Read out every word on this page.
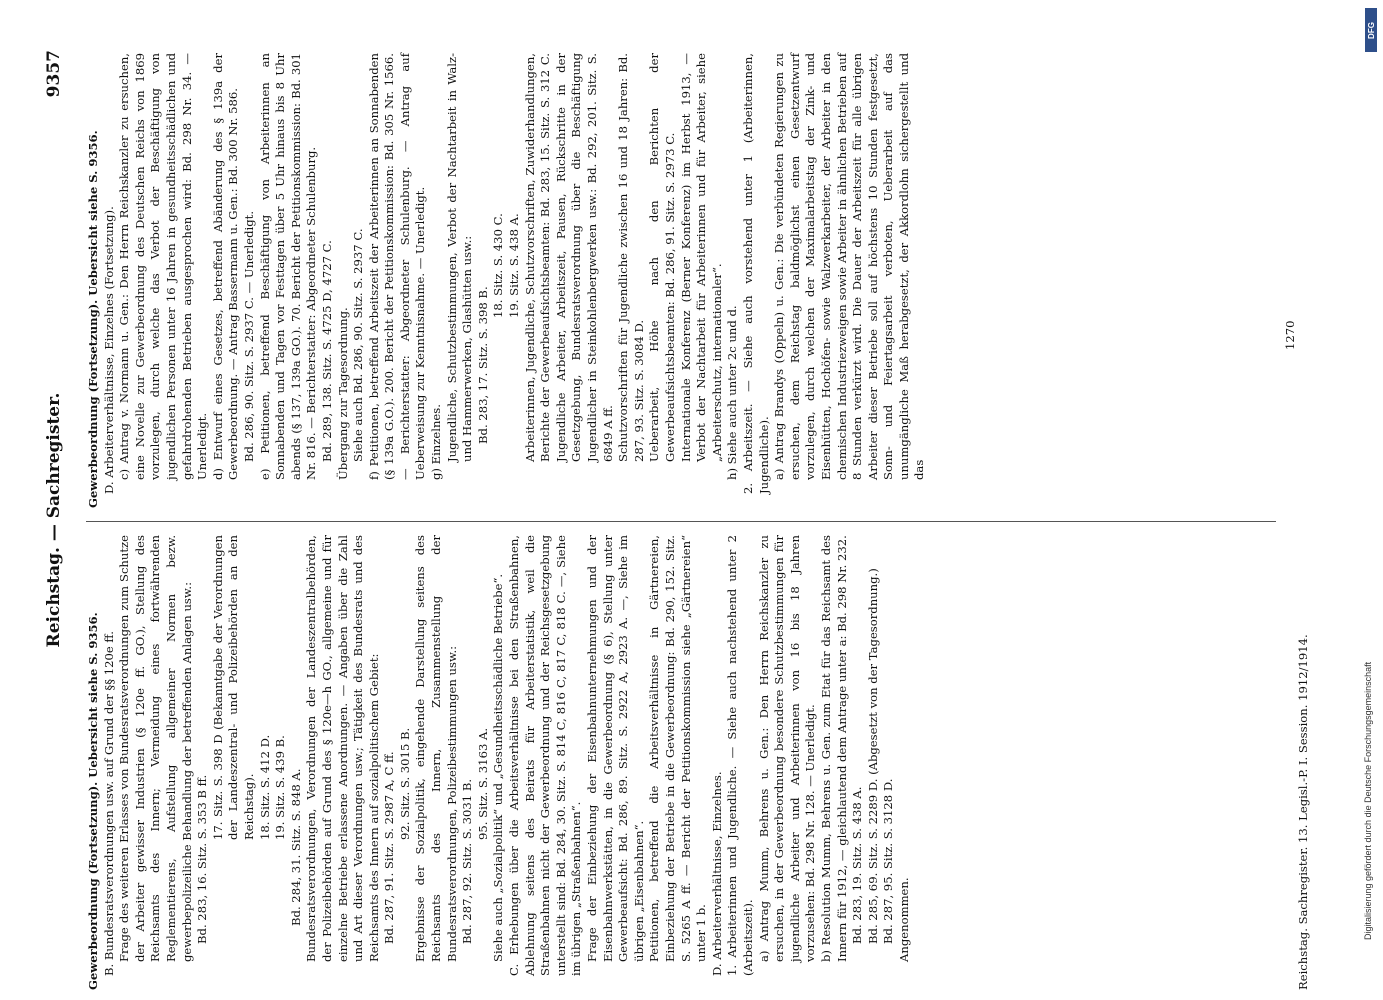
Reichstag. — Sachregister.
9357

Gewerbeordnung (Fortsetzung). Uebersicht siehe S. 9356. B. Bundesratsverordnungen usw. auf Grund der §§ 120e ff. Frage des weiteren Erlasses von Bundesratsverordnungen zum Schutze der Arbeiter gewisser Industrien (§ 120e ff. GO.), Stellung des Reichsamts des Innern; Vermeidung eines fortwährenden Reglementierens, Aufstellung allgemeiner Normen bezw. gewerbepolizeiliche Behandlung der betreffenden Anlagen usw.: Bd. 283, 16. Sitz. S. 353 B ff.

17. Sitz. S. 398 D (Bekanntgabe der Verordnungen der Landeszentral- und Polizeibehörden an den Reichstag). 18. Sitz. S. 412 D. 19. Sitz. S. 439 B. Bd. 284, 31. Sitz. S. 848 A. Bundesratsverordnungen, Verordnungen der Landeszentralbehörden, der Polizeibehörden auf Grund des § 120e—h GO., allgemeine und für einzelne Betriebe erlassene Anordnungen. — Angaben über die Zahl und Art dieser Verordnungen usw.; Tätigkeit des Bundesrats und des Reichsamts des Innern auf sozialpolitischem Gebiet: Bd. 287, 91. Sitz. S. 2987 A, C ff. 92. Sitz. S. 3015 B. Ergebnisse der Sozialpolitik, eingehende Darstellung seitens des Reichsamts des Innern, Zusammenstellung der Bundesratsverordnungen, Polizeibestimmungen usw.: Bd. 287, 92. Sitz. S. 3031 B. 95. Sitz. S. 3163 A. Siehe auch „Sozialpolitik“ und „Gesundheitsschädliche Betriebe“. C. Erhebungen über die Arbeitsverhältnisse bei den Straßenbahnen, Ablehnung seitens des Beirats für Arbeiterstatistik, weil die Straßenbahnen nicht der Gewerbeordnung und der Reichsgesetzgebung unterstellt sind: Bd. 284, 30. Sitz. S. 814 C, 816 C, 817 C, 818 C. —, Siehe im übrigen „Straßenbahnen“. Frage der Einbeziehung der Eisenbahnunternehmungen und der Eisenbahnwerkstätten, in die Gewerbeordnung (§ 6), Stellung unter Gewerbeaufsicht: Bd. 286, 89. Sitz. S. 2922 A, 2923 A. —, Siehe im übrigen „Eisenbahnen“. Petitionen, betreffend die Arbeitsverhältnisse in Gärtnereien, Einbeziehung der Betriebe in die Gewerbeordnung: Bd. 290, 152. Sitz. S. 5265 A ff. — Bericht der Petitionskommission siehe „Gärtnereien“ unter 1 b. D. Arbeiterverhältnisse, Einzelnes. 1. Arbeiterinnen und Jugendliche. — Siehe auch nachstehend unter 2 (Arbeitszeit). a) Antrag Mumm, Behrens u. Gen.: Den Herrn Reichskanzler zu ersuchen, in der Gewerbeordnung besondere Schutzbestimmungen für jugendliche Arbeiter und Arbeiterinnen von 16 bis 18 Jahren vorzusehen: Bd. 298 Nr. 128. — Unerledigt. b) Resolution Mumm, Behrens u. Gen. zum Etat für das Reichsamt des Innern für 1912, — gleichlautend dem Antrage unter a: Bd. 298 Nr. 232. Bd. 283, 19. Sitz. S. 438 A. Bd. 285, 69. Sitz. S. 2289 D. (Abgesetzt von der Tagesordnung.) Bd. 287, 95. Sitz. S. 3128 D. Angenommen.

Gewerbeordnung (Fortsetzung). Uebersicht siehe S. 9356. D. Arbeiterverhältnisse, Einzelnes (Fortsetzung). c) Antrag v. Normann u. Gen.: Den Herrn Reichskanzler zu ersuchen, eine Novelle zur Gewerbeordnung des Deutschen Reichs von 1869 vorzulegen, durch welche das Verbot der Beschäftigung von jugendlichen Personen unter 16 Jahren in gesundheitsschädlichen und gefahrdrohenden Betrieben ausgesprochen wird: Bd. 298 Nr. 34. — Unerledigt. d) Entwurf eines Gesetzes, betreffend Abänderung des § 139a der Gewerbeordnung. — Antrag Bassermann u. Gen.: Bd. 300 Nr. 586. Bd. 286, 90. Sitz. S. 2937 C. — Unerledigt. e) Petitionen, betreffend Beschäftigung von Arbeiterinnen an Sonnabenden und Tagen vor Festtagen über 5 Uhr hinaus bis 8 Uhr abends (§ 137, 139a GO.). 70. Bericht der Petitionskommission: Bd. 301 Nr. 816. — Berichterstatter: Abgeordneter Schulenburg. Bd. 289, 138. Sitz. S. 4725 D, 4727 C. Übergang zur Tagesordnung. Siehe auch Bd. 286, 90. Sitz. S. 2937 C. f) Petitionen, betreffend Arbeitszeit der Arbeiterinnen an Sonnabenden (§ 139a G.O.). 200. Bericht der Petitionskommission: Bd. 305 Nr. 1566. — Berichterstatter: Abgeordneter Schulenburg. — Antrag auf Ueberweisung zur Kenntnisnahme. — Unerledigt. g) Einzelnes. Jugendliche, Schutzbestimmungen, Verbot der Nachtarbeit in Walz- und Hammerwerken, Glashütten usw.: Bd. 283, 17. Sitz. S. 398 B.

18. Sitz. S. 430 C. 19. Sitz. S. 438 A. Arbeiterinnen, Jugendliche, Schutzvorschriften, Zuwiderhandlungen, Berichte der Gewerbeaufsichtsbeamten: Bd. 283, 15. Sitz. S. 312 C. Jugendliche Arbeiter, Arbeitszeit, Pausen, Rückschritte in der Gesetzgebung, Bundesratsverordnung über die Beschäftigung Jugendlicher in Steinkohlenbergwerken usw.: Bd. 292, 201. Sitz. S. 6849 A ff. Schutzvorschriften für Jugendliche zwischen 16 und 18 Jahren: Bd. 287, 93. Sitz. S. 3084 D. Ueberarbeit, Höhe nach den Berichten der Gewerbeaufsichtsbeamten: Bd. 286, 91. Sitz. S. 2973 C. Internationale Konferenz (Berner Konferenz) im Herbst 1913, — Verbot der Nachtarbeit für Arbeiterinnen und für Arbeiter, siehe „Arbeiterschutz, internationaler“. h) Siehe auch unter 2c und d. 2. Arbeitszeit. — Siehe auch vorstehend unter 1 (Arbeiterinnen, Jugendliche). a) Antrag Brandys (Oppeln) u. Gen.: Die verbündeten Regierungen zu ersuchen, dem Reichstag baldmöglichst einen Gesetzentwurf vorzulegen, durch welchen der Maximalarbeitstag der Zink- und Eisenhütten, Hochöfen- sowie Walzwerkarbeiter, der Arbeiter in den chemischen Industriezweigen sowie Arbeiter in ähnlichen Betrieben auf 8 Stunden verkürzt wird. Die Dauer der Arbeitszeit für alle übrigen Arbeiter dieser Betriebe soll auf höchstens 10 Stunden festgesetzt, Sonn- und Feiertagsarbeit verboten, Ueberarbeit auf das unumgängliche Maß herabgesetzt, der Akkordlohn sichergestellt und das

Reichstag. Sachregister. 13. Legisl.-P. I. Session. 1912/1914.
1270
Digitalisierung gefördert durch die Deutsche Forschungsgemeinschaft
DFG
